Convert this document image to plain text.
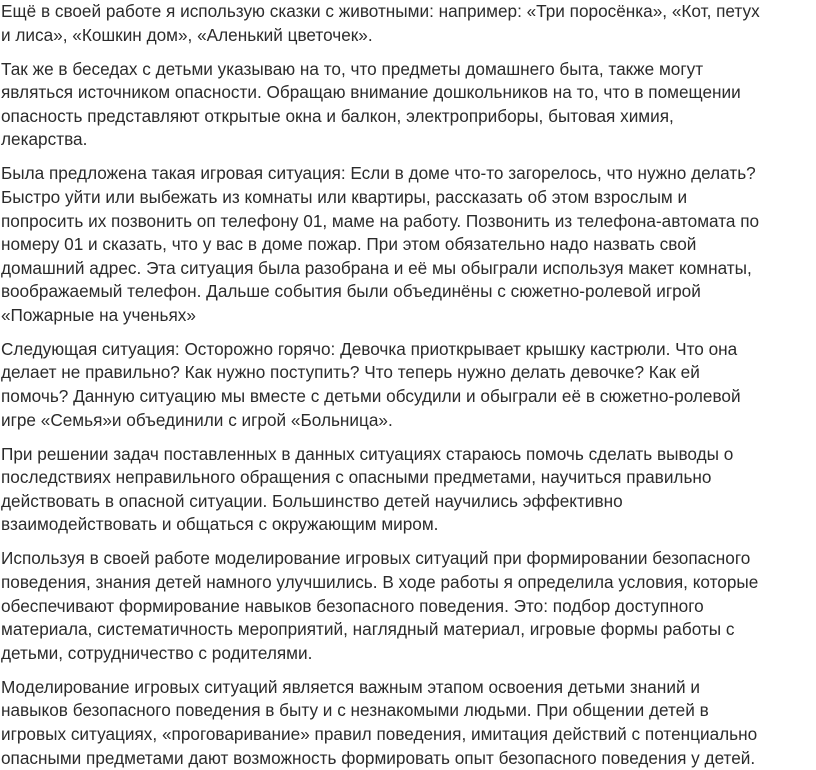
Ещё в своей работе я использую сказки с животными: например: «Три поросёнка», «Кот, петух
и лиса», «Кошкин дом», «Аленький цветочек».

Так же в беседах с детьми указываю на то, что предметы домашнего быта, также могут
являться источником опасности. Обращаю внимание дошкольников на то, что в помещении
опасность представляют открытые окна и балкон, электроприборы, бытовая химия,
лекарства.

Была предложена такая игровая ситуация: Если в доме что-то загорелось, что нужно делать?
Быстро уйти или выбежать из комнаты или квартиры, рассказать об этом взрослым и
попросить их позвонить оп телефону 01, маме на работу. Позвонить из телефона-автомата по
номеру 01 и сказать, что у вас в доме пожар. При этом обязательно надо назвать свой
домашний адрес. Эта ситуация была разобрана и её мы обыграли используя макет комнаты,
воображаемый телефон. Дальше события были объединёны с сюжетно-ролевой игрой
«Пожарные на ученьях»

Следующая ситуация: Осторожно горячо: Девочка приоткрывает крышку кастрюли. Что она
делает не правильно? Как нужно поступить? Что теперь нужно делать девочке? Как ей
помочь? Данную ситуацию мы вместе с детьми обсудили и обыграли её в сюжетно-ролевой
игре «Семья»и объединили с игрой «Больница».

При решении задач поставленных в данных ситуациях стараюсь помочь сделать выводы о
последствиях неправильного обращения с опасными предметами, научиться правильно
действовать в опасной ситуации. Большинство детей научились эффективно
взаимодействовать и общаться с окружающим миром.

Используя в своей работе моделирование игровых ситуаций при формировании безопасного
поведения, знания детей намного улучшились. В ходе работы я определила условия, которые
обеспечивают формирование навыков безопасного поведения. Это: подбор доступного
материала, систематичность мероприятий, наглядный материал, игровые формы работы с
детьми, сотрудничество с родителями.

Моделирование игровых ситуаций является важным этапом освоения детьми знаний и
навыков безопасного поведения в быту и с незнакомыми людьми. При общении детей в
игровых ситуациях, «проговаривание» правил поведения, имитация действий с потенциально
опасными предметами дают возможность формировать опыт безопасного поведения у детей.
